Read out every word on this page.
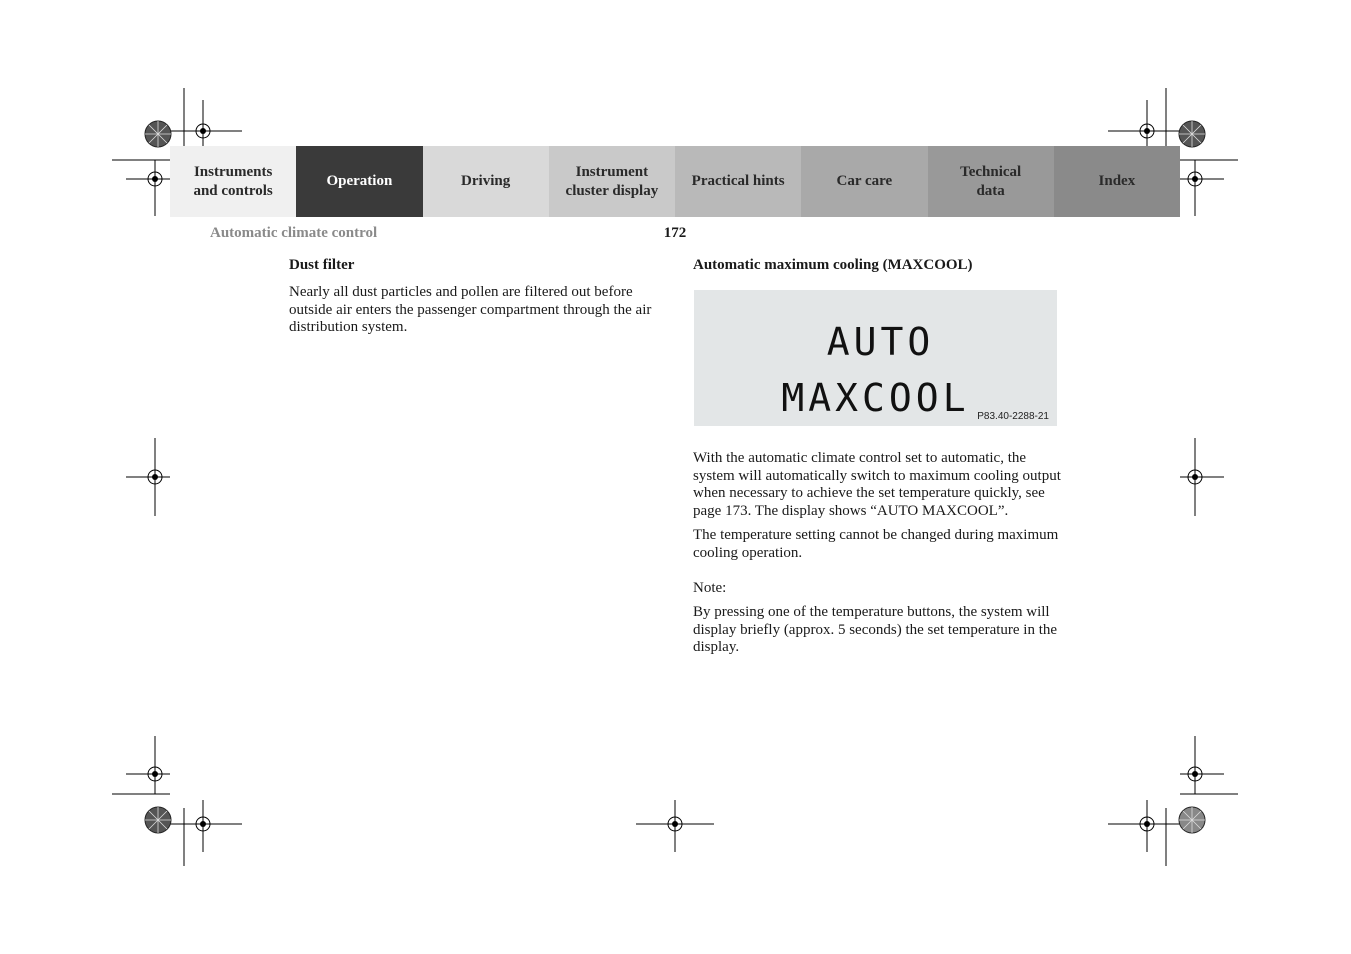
Instruments
and controls
Operation	Driving
Instrument
cluster display
Practical hints	Car care
Technical
data
Index
Automatic climate control	172
Dust filter

Nearly all dust particles and pollen are filtered out before outside air enters the passenger compartment through the air distribution system.

Automatic maximum cooling (MAXCOOL)
AUTO
MAXCOOL P83.40-2288-21

With the automatic climate control set to automatic, the system will automatically switch to maximum cooling output when necessary to achieve the set temperature quickly, see page 173. The display shows “AUTO MAXCOOL”.

The temperature setting cannot be changed during maximum cooling operation.

Note:

By pressing one of the temperature buttons, the system will display briefly (approx. 5 seconds) the set temperature in the display.
